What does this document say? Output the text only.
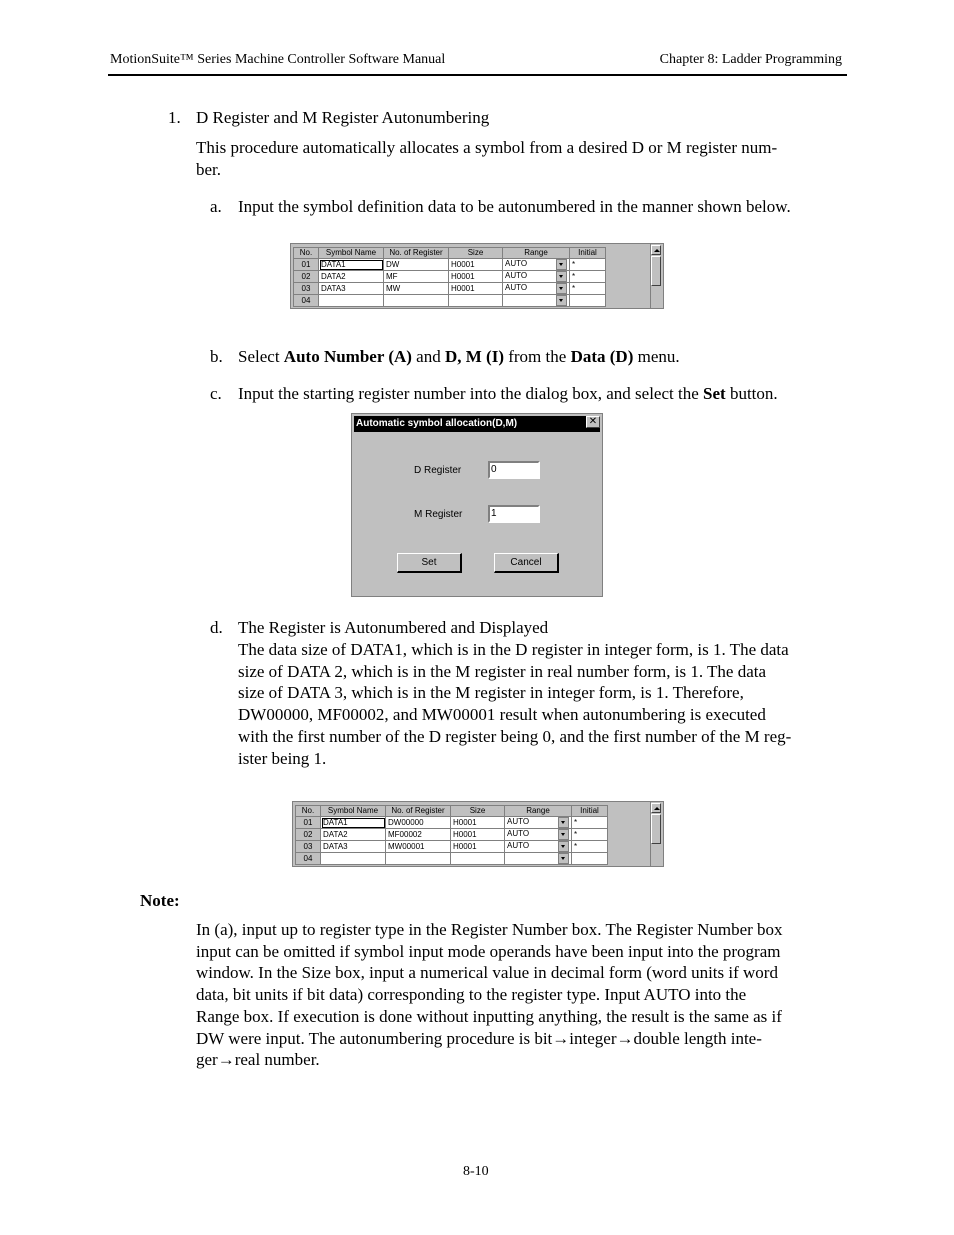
MotionSuite™ Series Machine Controller Software Manual	Chapter 8: Ladder Programming
1. D Register and M Register Autonumbering
This procedure automatically allocates a symbol from a desired D or M register num-
ber.
a. Input the symbol definition data to be autonumbered in the manner shown below.
No.	Symbol Name	No. of Register	Size	Range	Initial
01	DATA1	DW	H0001	AUTO	*
02	DATA2	MF	H0001	AUTO	*
03	DATA3	MW	H0001	AUTO	*
04				

b. Select Auto Number (A) and D, M (I) from the Data (D) menu.
c. Input the starting register number into the dialog box, and select the Set button.
Automatic symbol allocation(D,M)	✕
D Register	0
M Register	1
Set	Cancel
d. The Register is Autonumbered and Displayed
The data size of DATA1, which is in the D register in integer form, is 1. The data
size of DATA 2, which is in the M register in real number form, is 1. The data
size of DATA 3, which is in the M register in integer form, is 1. Therefore,
DW00000, MF00002, and MW00001 result when autonumbering is executed
with the first number of the D register being 0, and the first number of the M reg-
ister being 1.
No.	Symbol Name	No. of Register	Size	Range	Initial
01	DATA1	DW00000	H0001	AUTO	*
02	DATA2	MF00002	H0001	AUTO	*
03	DATA3	MW00001	H0001	AUTO	*
04				

Note:
In (a), input up to register type in the Register Number box. The Register Number box
input can be omitted if symbol input mode operands have been input into the program
window. In the Size box, input a numerical value in decimal form (word units if word
data, bit units if bit data) corresponding to the register type. Input AUTO into the
Range box. If execution is done without inputting anything, the result is the same as if
DW were input. The autonumbering procedure is bit→integer→double length inte-
ger→real number.
8-10
